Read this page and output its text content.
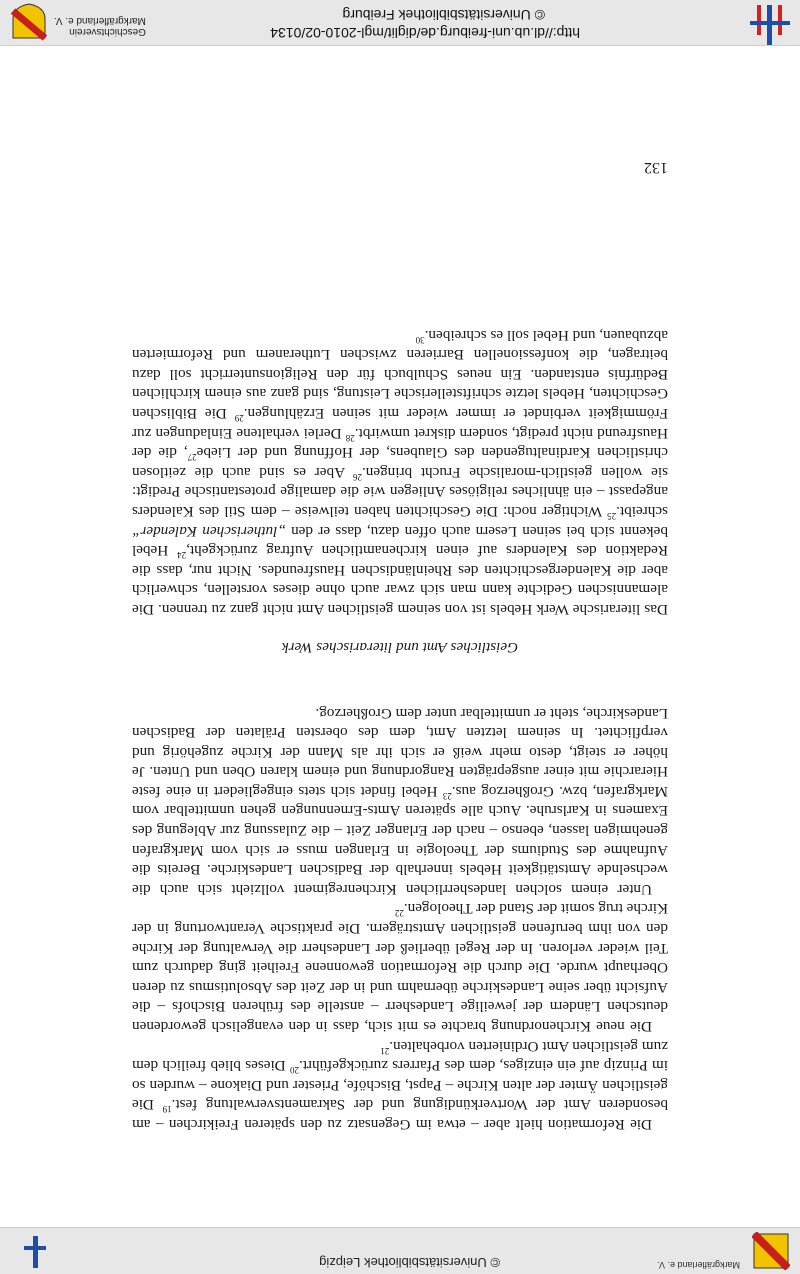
Markgräflerland e. V.
© Universitätsbibliothek Leipzig

Die Reformation hielt aber – etwa im Gegensatz zu den späteren Freikirchen – am besonderen Amt der Wortverkündigung und der Sakramentsverwaltung fest.$^{19}$ Die geistlichen Ämter der alten Kirche – Papst, Bischöfe, Priester und Diakone – wurden so im Prinzip auf ein einziges, dem des Pfarrers zurückgeführt.$^{20}$ Dieses blieb freilich dem zum geistlichen Amt Ordinierten vorbehalten.$^{21}$

Die neue Kirchenordnung brachte es mit sich, dass in den evangelisch gewordenen deutschen Ländern der jeweilige Landesherr – anstelle des früheren Bischofs – die Aufsicht über seine Landeskirche übernahm und in der Zeit des Absolutismus zu deren Oberhaupt wurde. Die durch die Reformation gewonnene Freiheit ging dadurch zum Teil wieder verloren. In der Regel überließ der Landesherr die Verwaltung der Kirche den von ihm berufenen geistlichen Amtsträgern. Die praktische Verantwortung in der Kirche trug somit der Stand der Theologen.$^{22}$

Unter einem solchen landesherrlichen Kirchenregiment vollzieht sich auch die wechselnde Amtstätigkeit Hebels innerhalb der Badischen Landeskirche. Bereits die Aufnahme des Studiums der Theologie in Erlangen muss er sich vom Markgrafen genehmigen lassen, ebenso – nach der Erlanger Zeit – die Zulassung zur Ablegung des Examens in Karlsruhe. Auch alle späteren Amts-Ernennungen gehen unmittelbar vom Markgrafen, bzw. Großherzog aus.$^{23}$ Hebel findet sich stets eingegliedert in eine feste Hierarchie mit einer ausgeprägten Rangordnung und einem klaren Oben und Unten. Je höher er steigt, desto mehr weiß er sich ihr als Mann der Kirche zugehörig und verpflichtet. In seinem letzten Amt, dem des obersten Prälaten der Badischen Landeskirche, steht er unmittelbar unter dem Großherzog.

Geistliches Amt und literarisches Werk

Das literarische Werk Hebels ist von seinem geistlichen Amt nicht ganz zu trennen. Die alemannischen Gedichte kann man sich zwar auch ohne dieses vorstellen, schwerlich aber die Kalendergeschichten des Rheinländischen Hausfreundes. Nicht nur, dass die Redaktion des Kalenders auf einen kirchenamtlichen Auftrag zurückgeht,$^{24}$ Hebel bekennt sich bei seinen Lesern auch offen dazu, dass er den „lutherischen Kalender“ schreibt.$^{25}$ Wichtiger noch: Die Geschichten haben teilweise – dem Stil des Kalenders angepasst – ein ähnliches religiöses Anliegen wie die damalige protestantische Predigt: sie wollen geistlich-moralische Frucht bringen.$^{26}$ Aber es sind auch die zeitlosen christlichen Kardinaltugenden des Glaubens, der Hoffnung und der Liebe$^{27}$, die der Hausfreund nicht predigt, sondern diskret umwirbt.$^{28}$ Derlei verhaltene Einladungen zur Frömmigkeit verbindet er immer wieder mit seinen Erzählungen.$^{29}$ Die Biblischen Geschichten, Hebels letzte schriftstellerische Leistung, sind ganz aus einem kirchlichen Bedürfnis entstanden. Ein neues Schulbuch für den Religionsunterricht soll dazu beitragen, die konfessionellen Barrieren zwischen Lutheranern und Reformierten abzubauen, und Hebel soll es schreiben.$^{30}$

132
http://dl.ub.uni-freiburg.de/diglit/mgl-2010-02/0134
© Universitätsbibliothek Freiburg
Geschichtsverein
Markgräflerland e. V.
